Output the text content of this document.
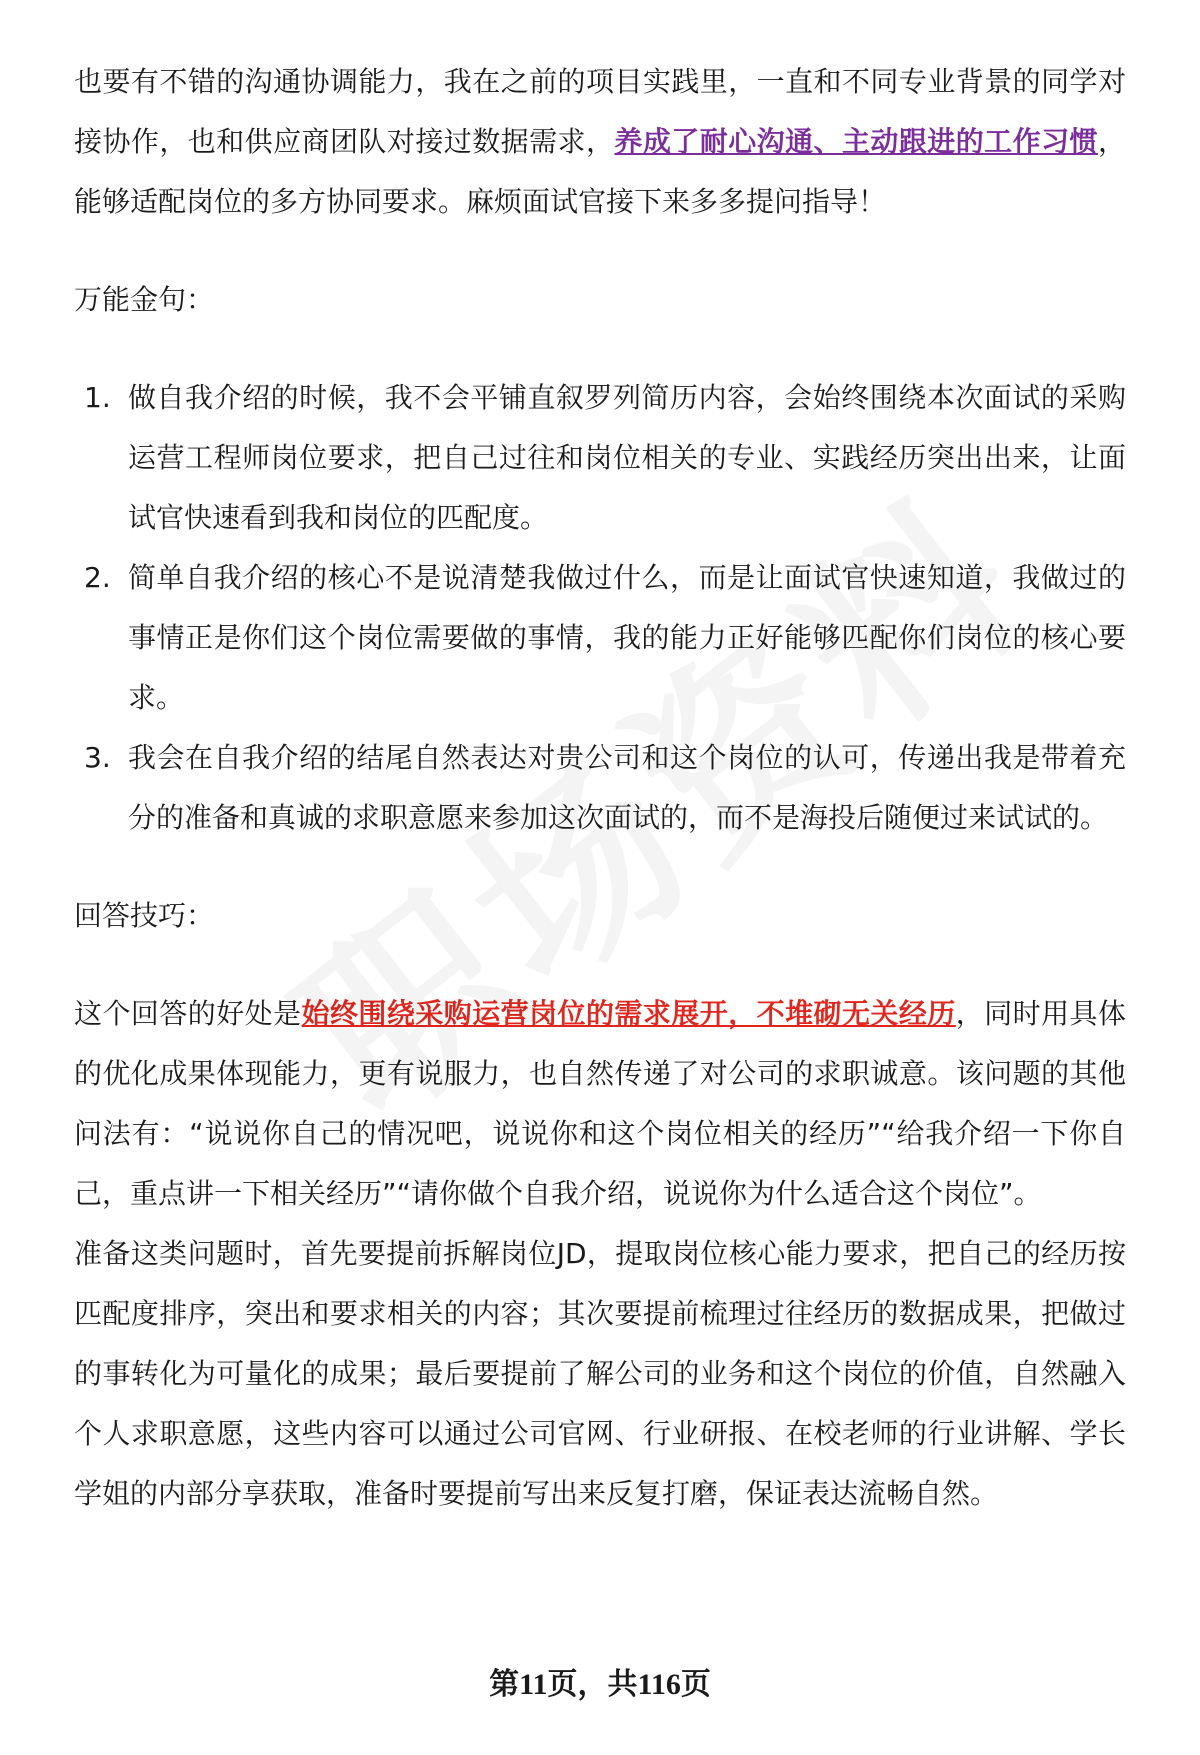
也要有不错的沟通协调能力，我在之前的项目实践里，一直和不同专业背景的同学对接协作，也和供应商团队对接过数据需求，养成了耐心沟通、主动跟进的工作习惯，能够适配岗位的多方协同要求。麻烦面试官接下来多多提问指导！

万能金句：

1. 做自我介绍的时候，我不会平铺直叙罗列简历内容，会始终围绕本次面试的采购运营工程师岗位要求，把自己过往和岗位相关的专业、实践经历突出出来，让面试官快速看到我和岗位的匹配度。
2. 简单自我介绍的核心不是说清楚我做过什么，而是让面试官快速知道，我做过的事情正是你们这个岗位需要做的事情，我的能力正好能够匹配你们岗位的核心要求。
3. 我会在自我介绍的结尾自然表达对贵公司和这个岗位的认可，传递出我是带着充分的准备和真诚的求职意愿来参加这次面试的，而不是海投后随便过来试试的。

回答技巧：

这个回答的好处是始终围绕采购运营岗位的需求展开，不堆砌无关经历，同时用具体的优化成果体现能力，更有说服力，也自然传递了对公司的求职诚意。该问题的其他问法有：“说说你自己的情况吧，说说你和这个岗位相关的经历”“给我介绍一下你自己，重点讲一下相关经历”“请你做个自我介绍，说说你为什么适合这个岗位”。

准备这类问题时，首先要提前拆解岗位JD，提取岗位核心能力要求，把自己的经历按匹配度排序，突出和要求相关的内容；其次要提前梳理过往经历的数据成果，把做过的事转化为可量化的成果；最后要提前了解公司的业务和这个岗位的价值，自然融入个人求职意愿，这些内容可以通过公司官网、行业研报、在校老师的行业讲解、学长学姐的内部分享获取，准备时要提前写出来反复打磨，保证表达流畅自然。

第11页，共116页
